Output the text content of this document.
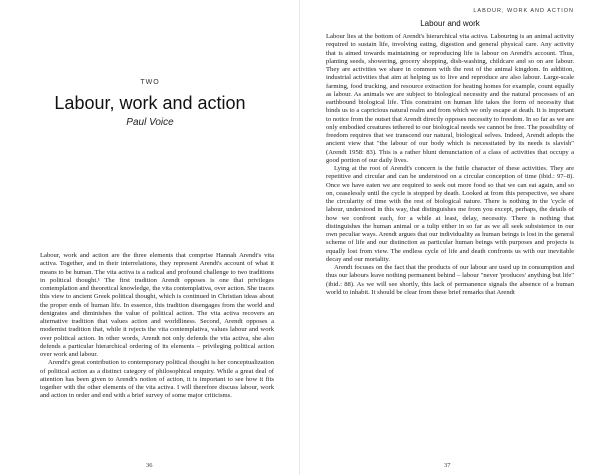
TWO
Labour, work and action
Paul Voice

Labour, work and action are the three elements that comprise Hannah Arendt's vita activa. Together, and in their interrelations, they represent Arendt's account of what it means to be human. The vita activa is a radical and profound challenge to two traditions in political thought.¹ The first tradition Arendt opposes is one that privileges contemplation and theoretical knowledge, the vita contemplativa, over action. She traces this view to ancient Greek political thought, which is continued in Christian ideas about the proper ends of human life. In essence, this tradition disengages from the world and denigrates and diminishes the value of political action. The vita activa recovers an alternative tradition that values action and worldliness. Second, Arendt opposes a modernist tradition that, while it rejects the vita contemplativa, values labour and work over political action. In other words, Arendt not only defends the vita activa, she also defends a particular hierarchical ordering of its elements – privileging political action over work and labour.

Arendt's great contribution to contemporary political thought is her conceptualization of political action as a distinct category of philosophical enquiry. While a great deal of attention has been given to Arendt's notion of action, it is important to see how it fits together with the other elements of the vita activa. I will therefore discuss labour, work and action in order and end with a brief survey of some major criticisms.

36
LABOUR, WORK AND ACTION
Labour and work

Labour lies at the bottom of Arendt's hierarchical vita activa. Labouring is an animal activity required to sustain life, involving eating, digestion and general physical care. Any activity that is aimed towards maintaining or reproducing life is labour on Arendt's account. Thus, planting seeds, showering, grocery shopping, dish-washing, childcare and so on are labour. They are activities we share in common with the rest of the animal kingdom. In addition, industrial activities that aim at helping us to live and reproduce are also labour. Large-scale farming, food trucking, and resource extraction for heating homes for example, count equally as labour. As animals we are subject to biological necessity and the natural processes of an earthbound biological life. This constraint on human life takes the form of necessity that binds us to a capricious natural realm and from which we only escape at death. It is important to notice from the outset that Arendt directly opposes necessity to freedom. In so far as we are only embodied creatures tethered to our biological needs we cannot be free. The possibility of freedom requires that we transcend our natural, biological selves. Indeed, Arendt adopts the ancient view that "the labour of our body which is necessitated by its needs is slavish" (Arendt 1958: 83). This is a rather blunt denunciation of a class of activities that occupy a good portion of our daily lives.

Lying at the root of Arendt's concern is the futile character of these activities. They are repetitive and circular and can be understood on a circular conception of time (ibid.: 97–8). Once we have eaten we are required to seek out more food so that we can eat again, and so on, ceaselessly until the cycle is stopped by death. Looked at from this perspective, we share the circularity of time with the rest of biological nature. There is nothing in the 'cycle of labour, understood in this way, that distinguishes me from you except, perhaps, the details of how we confront each, for a while at least, delay, necessity. There is nothing that distinguishes the human animal or a tulip either in so far as we all seek subsistence in our own peculiar ways. Arendt argues that our individuality as human beings is lost in the general scheme of life and our distinction as particular human beings with purposes and projects is equally lost from view. The endless cycle of life and death confronts us with our inevitable decay and our mortality.

Arendt focuses on the fact that the products of our labour are used up in consumption and thus our labours leave nothing permanent behind – labour "never 'produces' anything but life" (ibid.: 88). As we will see shortly, this lack of permanence signals the absence of a human world to inhabit. It should be clear from these brief remarks that Arendt

37
